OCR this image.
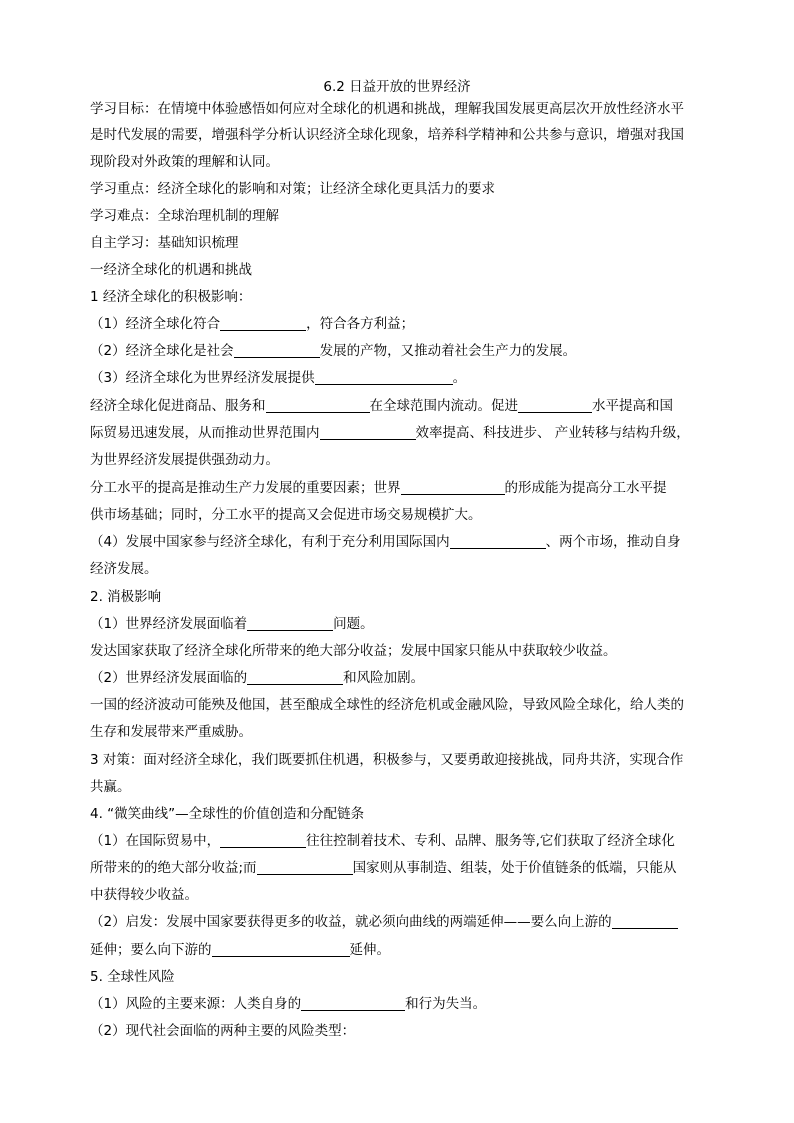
6.2 日益开放的世界经济
学习目标：在情境中体验感悟如何应对全球化的机遇和挑战，理解我国发展更高层次开放性经济水平
是时代发展的需要，增强科学分析认识经济全球化现象，培养科学精神和公共参与意识，增强对我国
现阶段对外政策的理解和认同。
学习重点：经济全球化的影响和对策；让经济全球化更具活力的要求
学习难点：全球治理机制的理解
自主学习：基础知识梳理
一经济全球化的机遇和挑战
1 经济全球化的积极影响：
（1）经济全球化符合	，符合各方利益；
（2）经济全球化是社会	发展的产物，又推动着社会生产力的发展。
（3）经济全球化为世界经济发展提供	。
经济全球化促进商品、服务和	在全球范围内流动。促进	水平提高和国
际贸易迅速发展，从而推动世界范围内	效率提高、科技进步、 产业转移与结构升级，
为世界经济发展提供强劲动力。
分工水平的提高是推动生产力发展的重要因素；世界	的形成能为提高分工水平提
供市场基础；同时，分工水平的提高又会促进市场交易规模扩大。
（4）发展中国家参与经济全球化，有利于充分利用国际国内	、两个市场，推动自身
经济发展。
2. 消极影响
（1）世界经济发展面临着	问题。
发达国家获取了经济全球化所带来的绝大部分收益；发展中国家只能从中获取较少收益。
（2）世界经济发展面临的	和风险加剧。
一国的经济波动可能殃及他国，甚至酿成全球性的经济危机或金融风险，导致风险全球化，给人类的
生存和发展带来严重威胁。
3 对策：面对经济全球化，我们既要抓住机遇，积极参与，又要勇敢迎接挑战，同舟共济，实现合作
共赢。
4. “微笑曲线”—全球性的价值创造和分配链条
（1）在国际贸易中，	往往控制着技术、专利、品牌、服务等,它们获取了经济全球化
所带来的的绝大部分收益;而	国家则从事制造、组装，处于价值链条的低端，只能从
中获得较少收益。
（2）启发：发展中国家要获得更多的收益，就必须向曲线的两端延伸——要么向上游的
延伸；要么向下游的	延伸。
5. 全球性风险
（1）风险的主要来源：人类自身的	和行为失当。
（2）现代社会面临的两种主要的风险类型：
